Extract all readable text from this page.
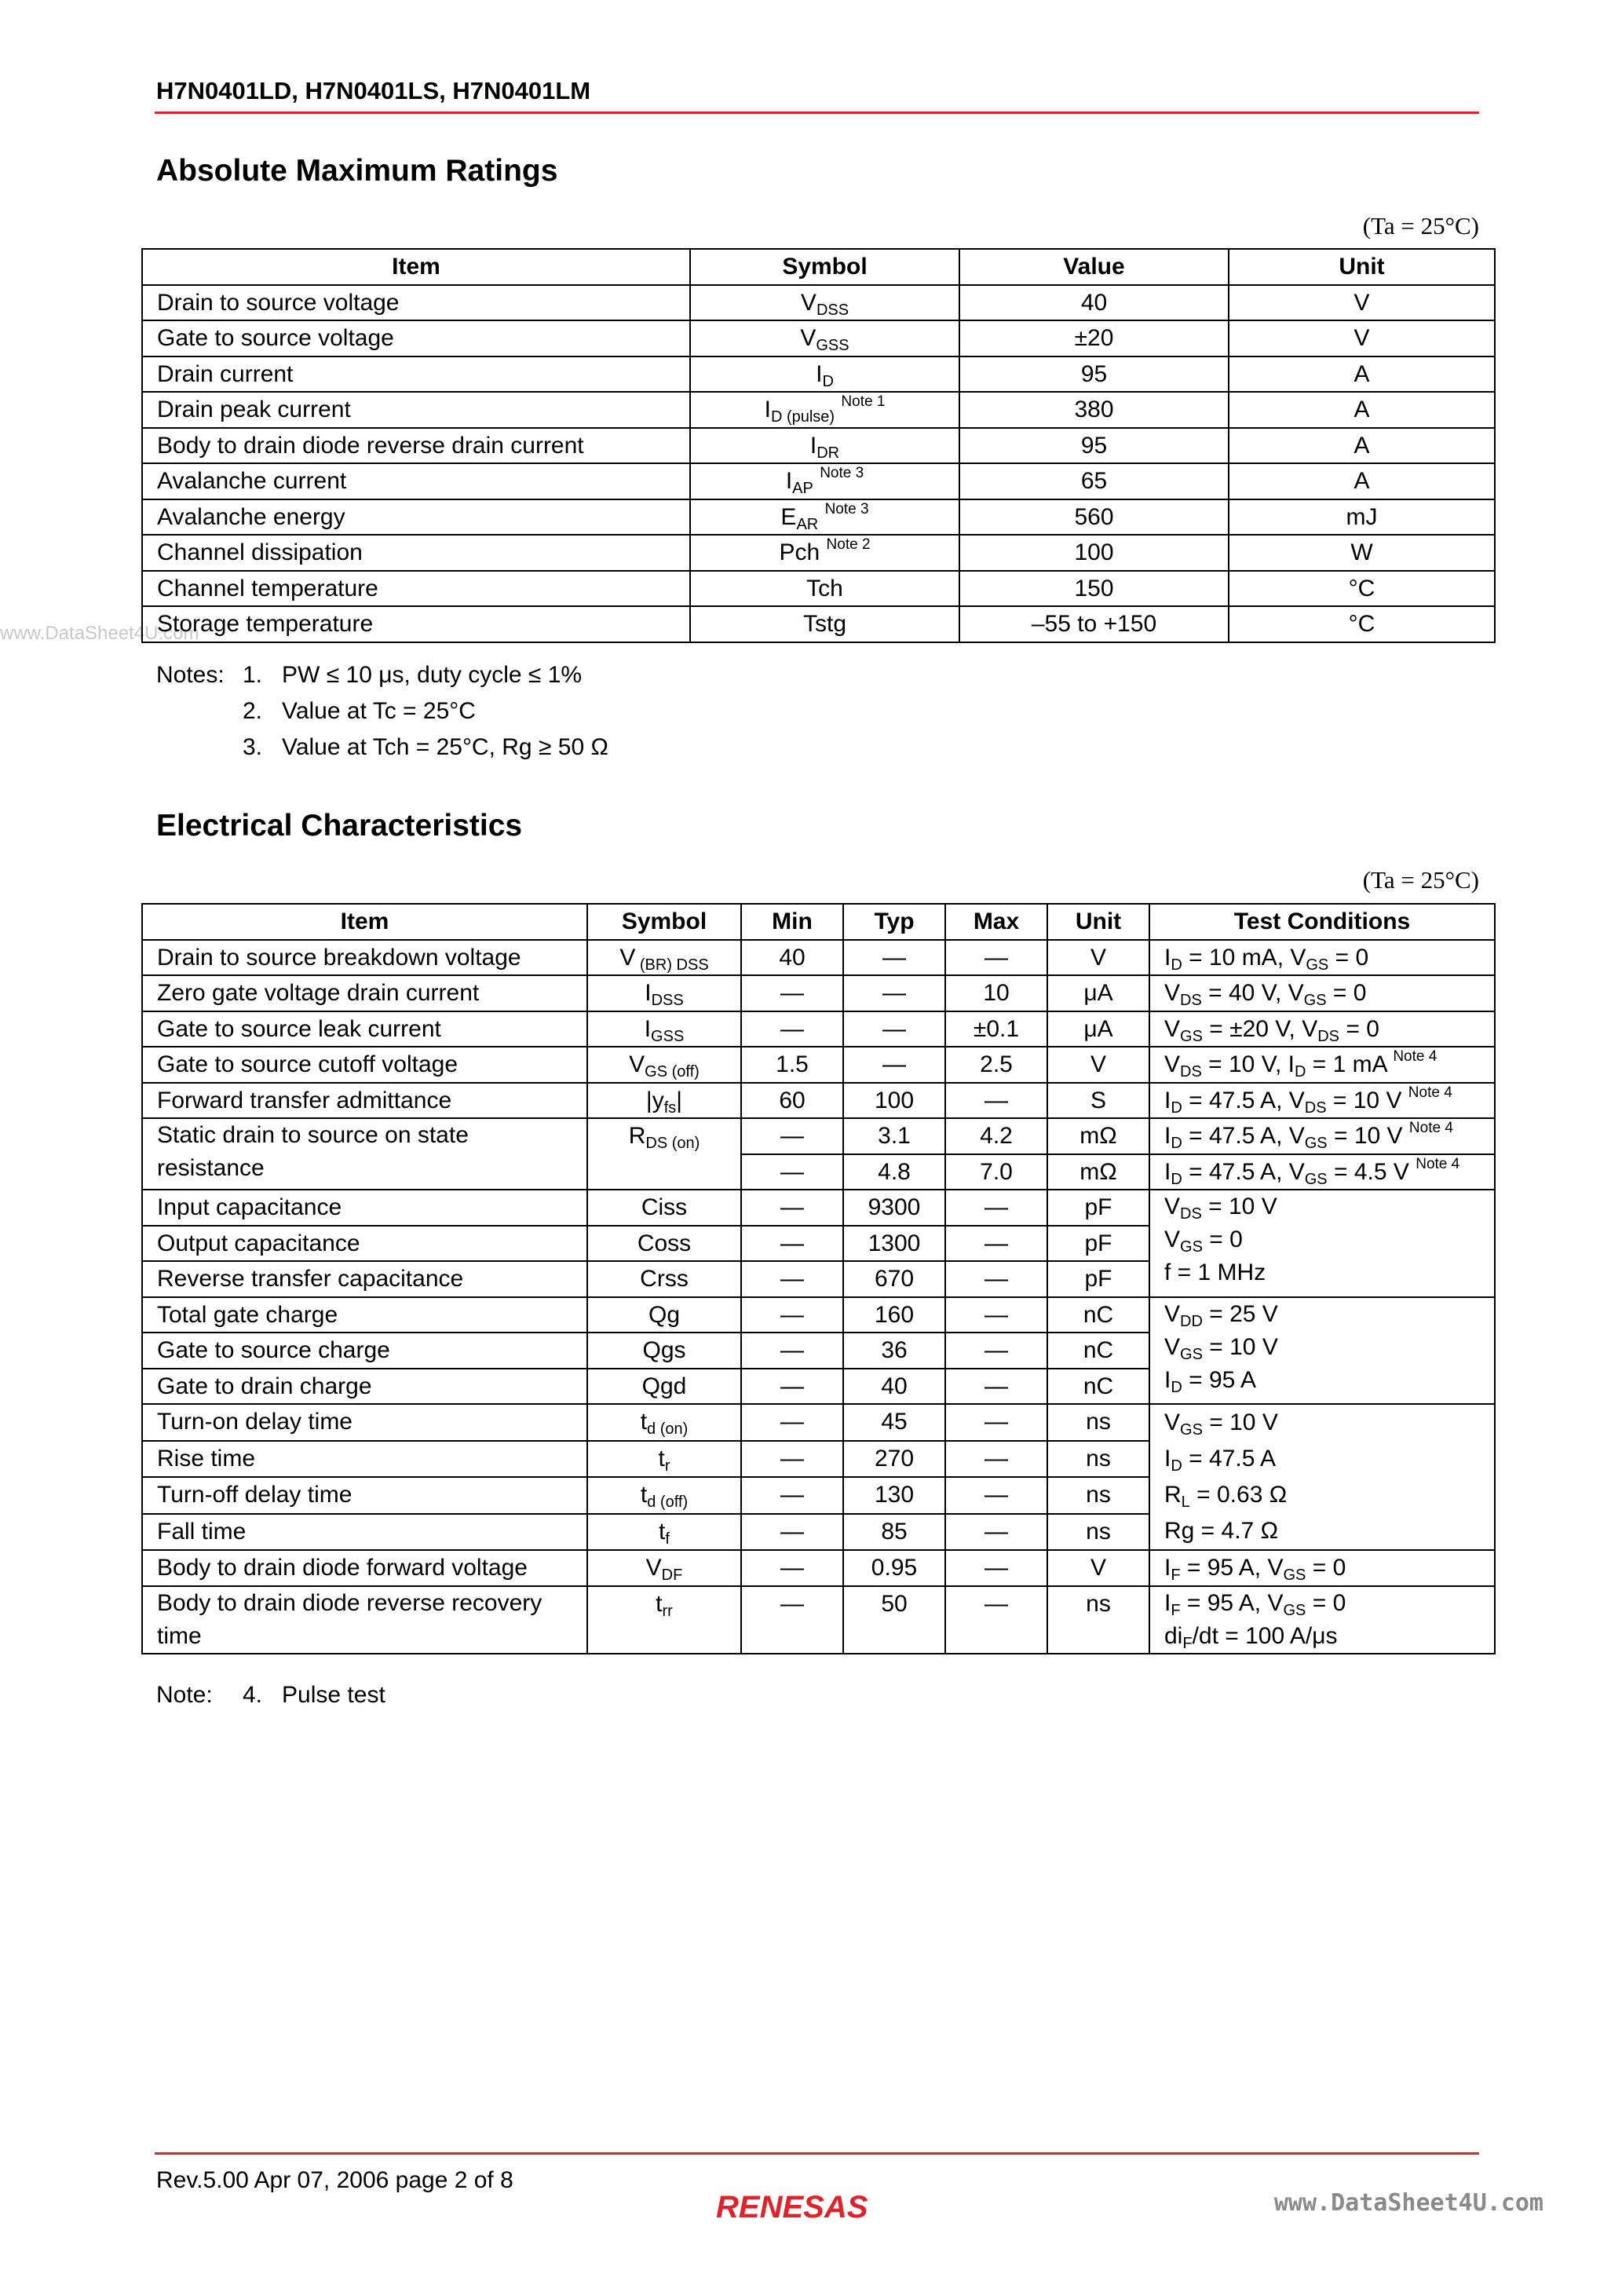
H7N0401LD, H7N0401LS, H7N0401LM
www.DataSheet4U.com
Absolute Maximum Ratings
(Ta = 25°C)
Item	Symbol	Value	Unit
Drain to source voltage	$V_{DSS}$	40	V
Gate to source voltage	$V_{GSS}$	±20	V
Drain current	$I_D$	95	A
Drain peak current	$I_{D (pulse)}$ $^{Note 1}$	380	A
Body to drain diode reverse drain current	$I_{DR}$	95	A
Avalanche current	$I_{AP}$ $^{Note 3}$	65	A
Avalanche energy	$E_{AR}$ $^{Note 3}$	560	mJ
Channel dissipation	Pch $^{Note 2}$	100	W
Channel temperature	Tch	150	°C
Storage temperature	Tstg	–55 to +150	°C
Notes: 1. PW ≤ 10 μs, duty cycle ≤ 1%
2. Value at Tc = 25°C
3. Value at Tch = 25°C, Rg ≥ 50 Ω
Electrical Characteristics
(Ta = 25°C)
Item	Symbol	Min	Typ	Max	Unit	Test Conditions
Drain to source breakdown voltage	V $_{(BR) DSS}$	40	—	—	V	$I_D = 10$ mA, $V_{GS} = 0$
Zero gate voltage drain current	$I_{DSS}$	—	—	10	μA	$V_{DS} = 40$ V, $V_{GS} = 0$
Gate to source leak current	$I_{GSS}$	—	—	±0.1	μA	$V_{GS} = \pm 20$ V, $V_{DS} = 0$
Gate to source cutoff voltage	$V_{GS (off)}$	1.5	—	2.5	V	$V_{DS} = 10$ V, $I_D = 1$ mA $^{Note 4}$
Forward transfer admittance	$|y_{fs}|$	60	100	—	S	$I_D = 47.5$ A, $V_{DS} = 10$ V $^{Note 4}$
Static drain to source on state resistance	$R_{DS (on)}$	—	3.1	4.2	mΩ	$I_D = 47.5$ A, $V_{GS} = 10$ V $^{Note 4}$
		—	4.8	7.0	mΩ	$I_D = 47.5$ A, $V_{GS} = 4.5$ V $^{Note 4}$
Input capacitance	Ciss	—	9300	—	pF	$V_{DS} = 10$ V
$V_{GS} = 0$
f = 1 MHz
Output capacitance	Coss	—	1300	—	pF	
Reverse transfer capacitance	Crss	—	670	—	pF	
Total gate charge	Qg	—	160	—	nC	$V_{DD} = 25$ V
$V_{GS} = 10$ V
$I_D = 95$ A
Gate to source charge	Qgs	—	36	—	nC	
Gate to drain charge	Qgd	—	40	—	nC	
Turn-on delay time	$t_{d (on)}$	—	45	—	ns	$V_{GS} = 10$ V
$I_D = 47.5$ A
$R_L = 0.63$ Ω
Rg = 4.7 Ω
Rise time	$t_r$	—	270	—	ns	
Turn-off delay time	$t_{d (off)}$	—	130	—	ns	
Fall time	$t_f$	—	85	—	ns	
Body to drain diode forward voltage	$V_{DF}$	—	0.95	—	V	$I_F = 95$ A, $V_{GS} = 0$
Body to drain diode reverse recovery time	$t_{rr}$	—	50	—	ns	$I_F = 95$ A, $V_{GS} = 0$
$di_F/dt = 100$ A/μs
Note: 4. Pulse test
Rev.5.00 Apr 07, 2006 page 2 of 8
RENESAS	www.DataSheet4U.com
